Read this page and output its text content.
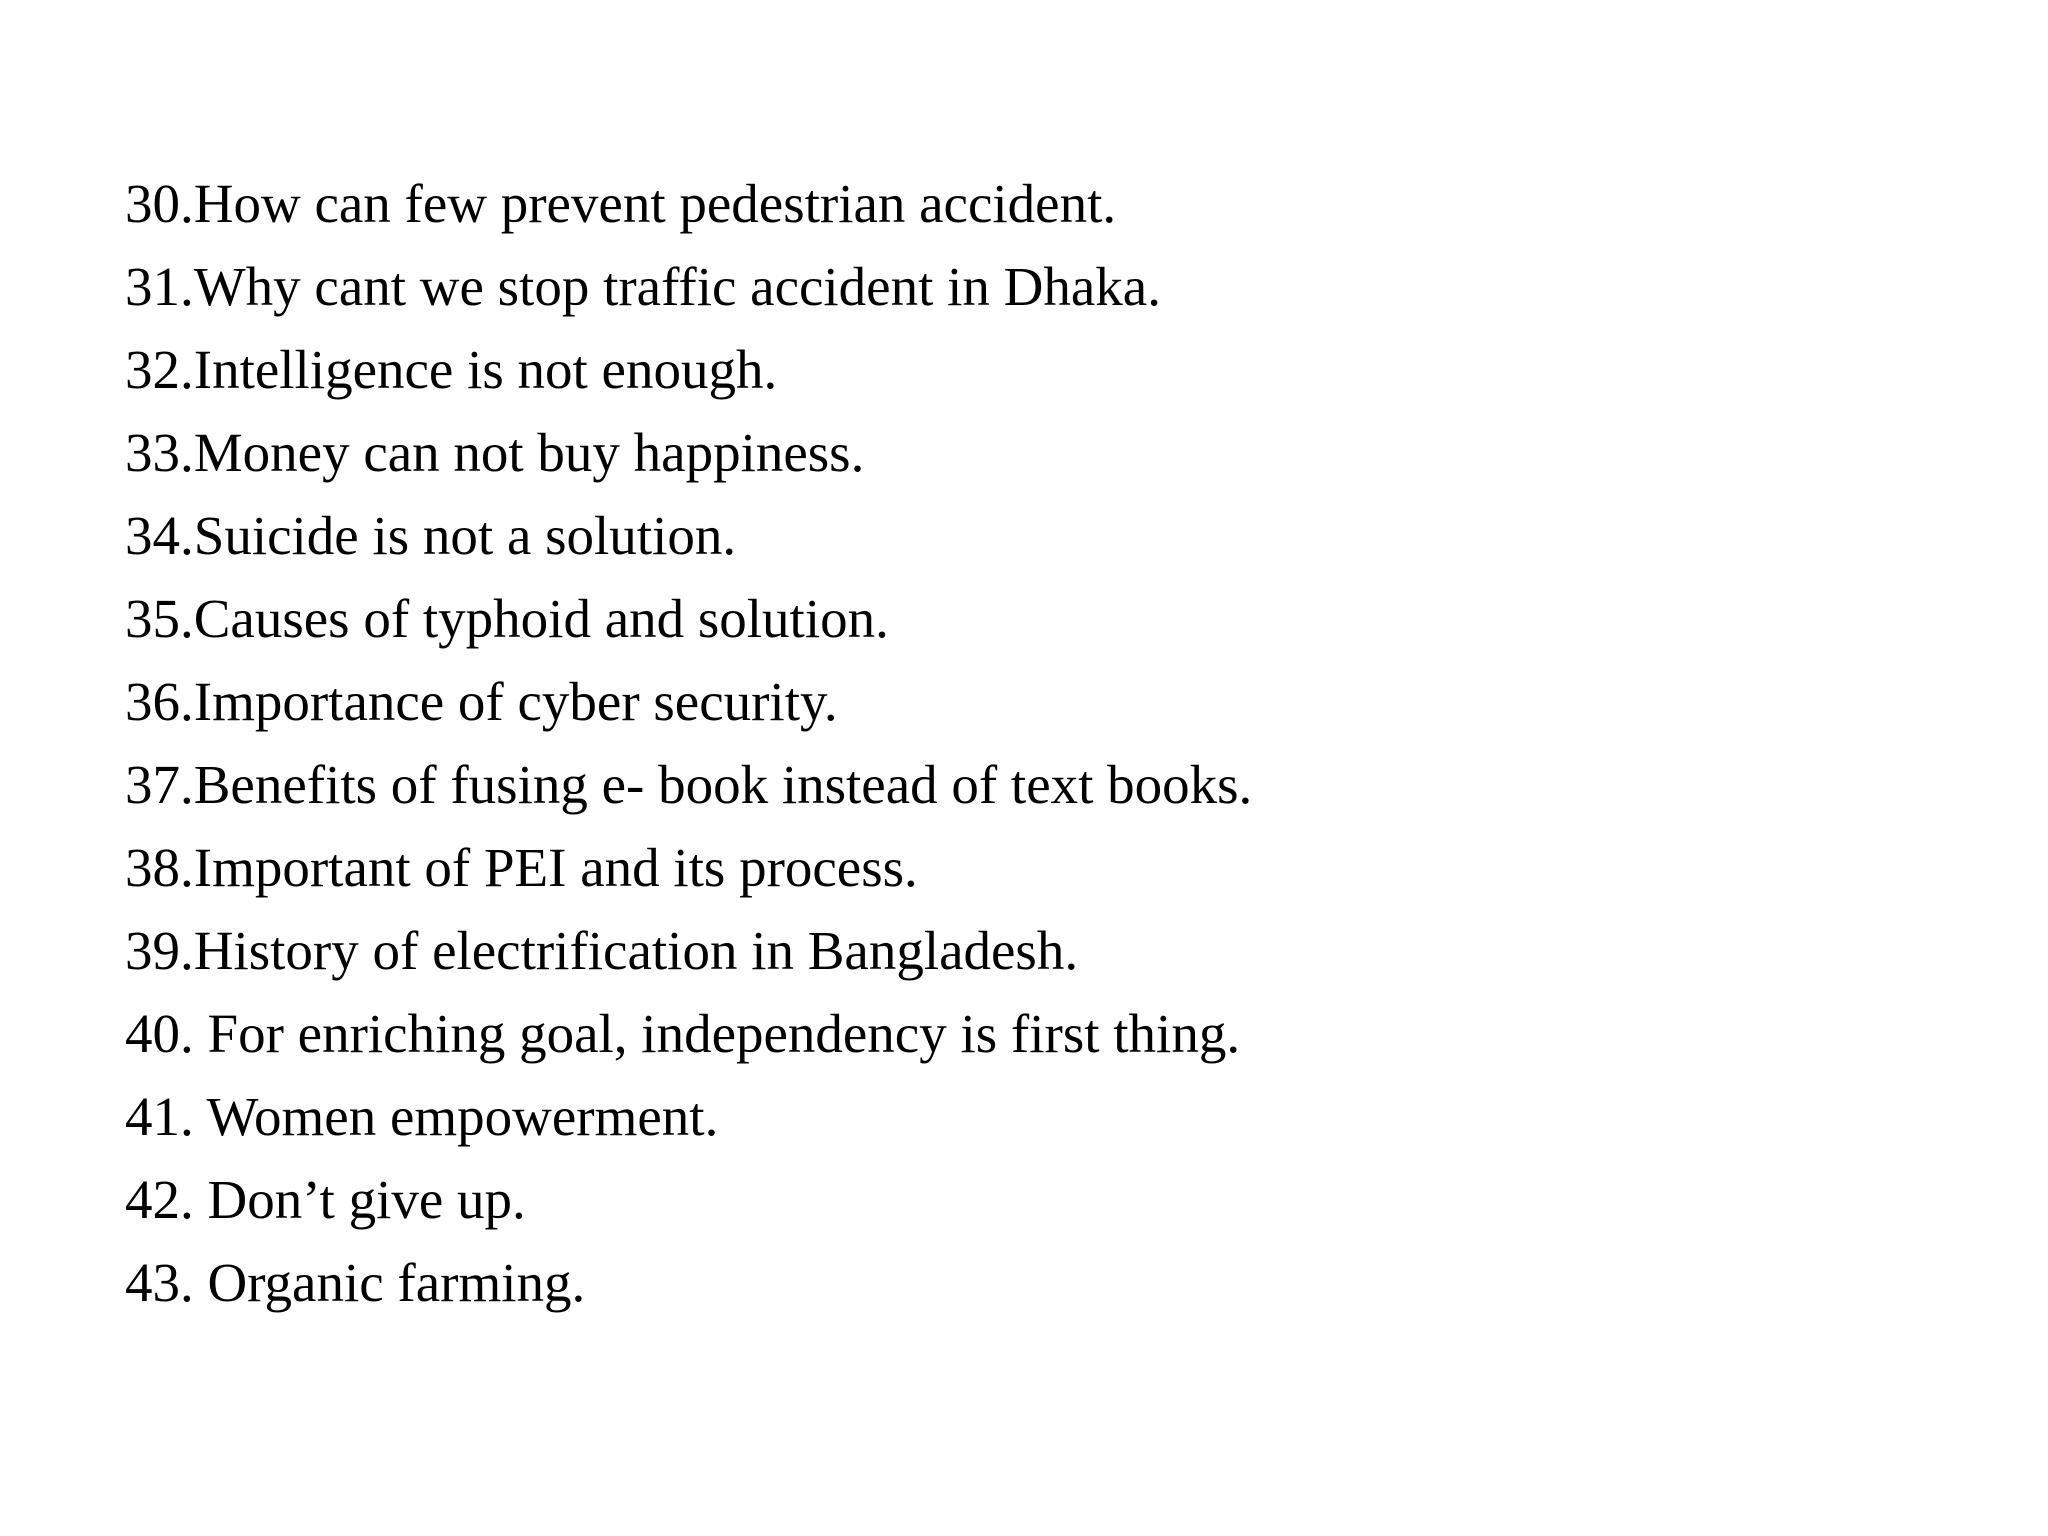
30.How can few prevent pedestrian accident.
31.Why cant we stop traffic accident in Dhaka.
32.Intelligence is not enough.
33.Money can not buy happiness.
34.Suicide is not a solution.
35.Causes of typhoid and solution.
36.Importance of cyber security.
37.Benefits of fusing e- book instead of text books.
38.Important of PEI and its process.
39.History of electrification in Bangladesh.
40. For enriching goal, independency is first thing.
41. Women empowerment.
42. Don’t give up.
43. Organic farming.
